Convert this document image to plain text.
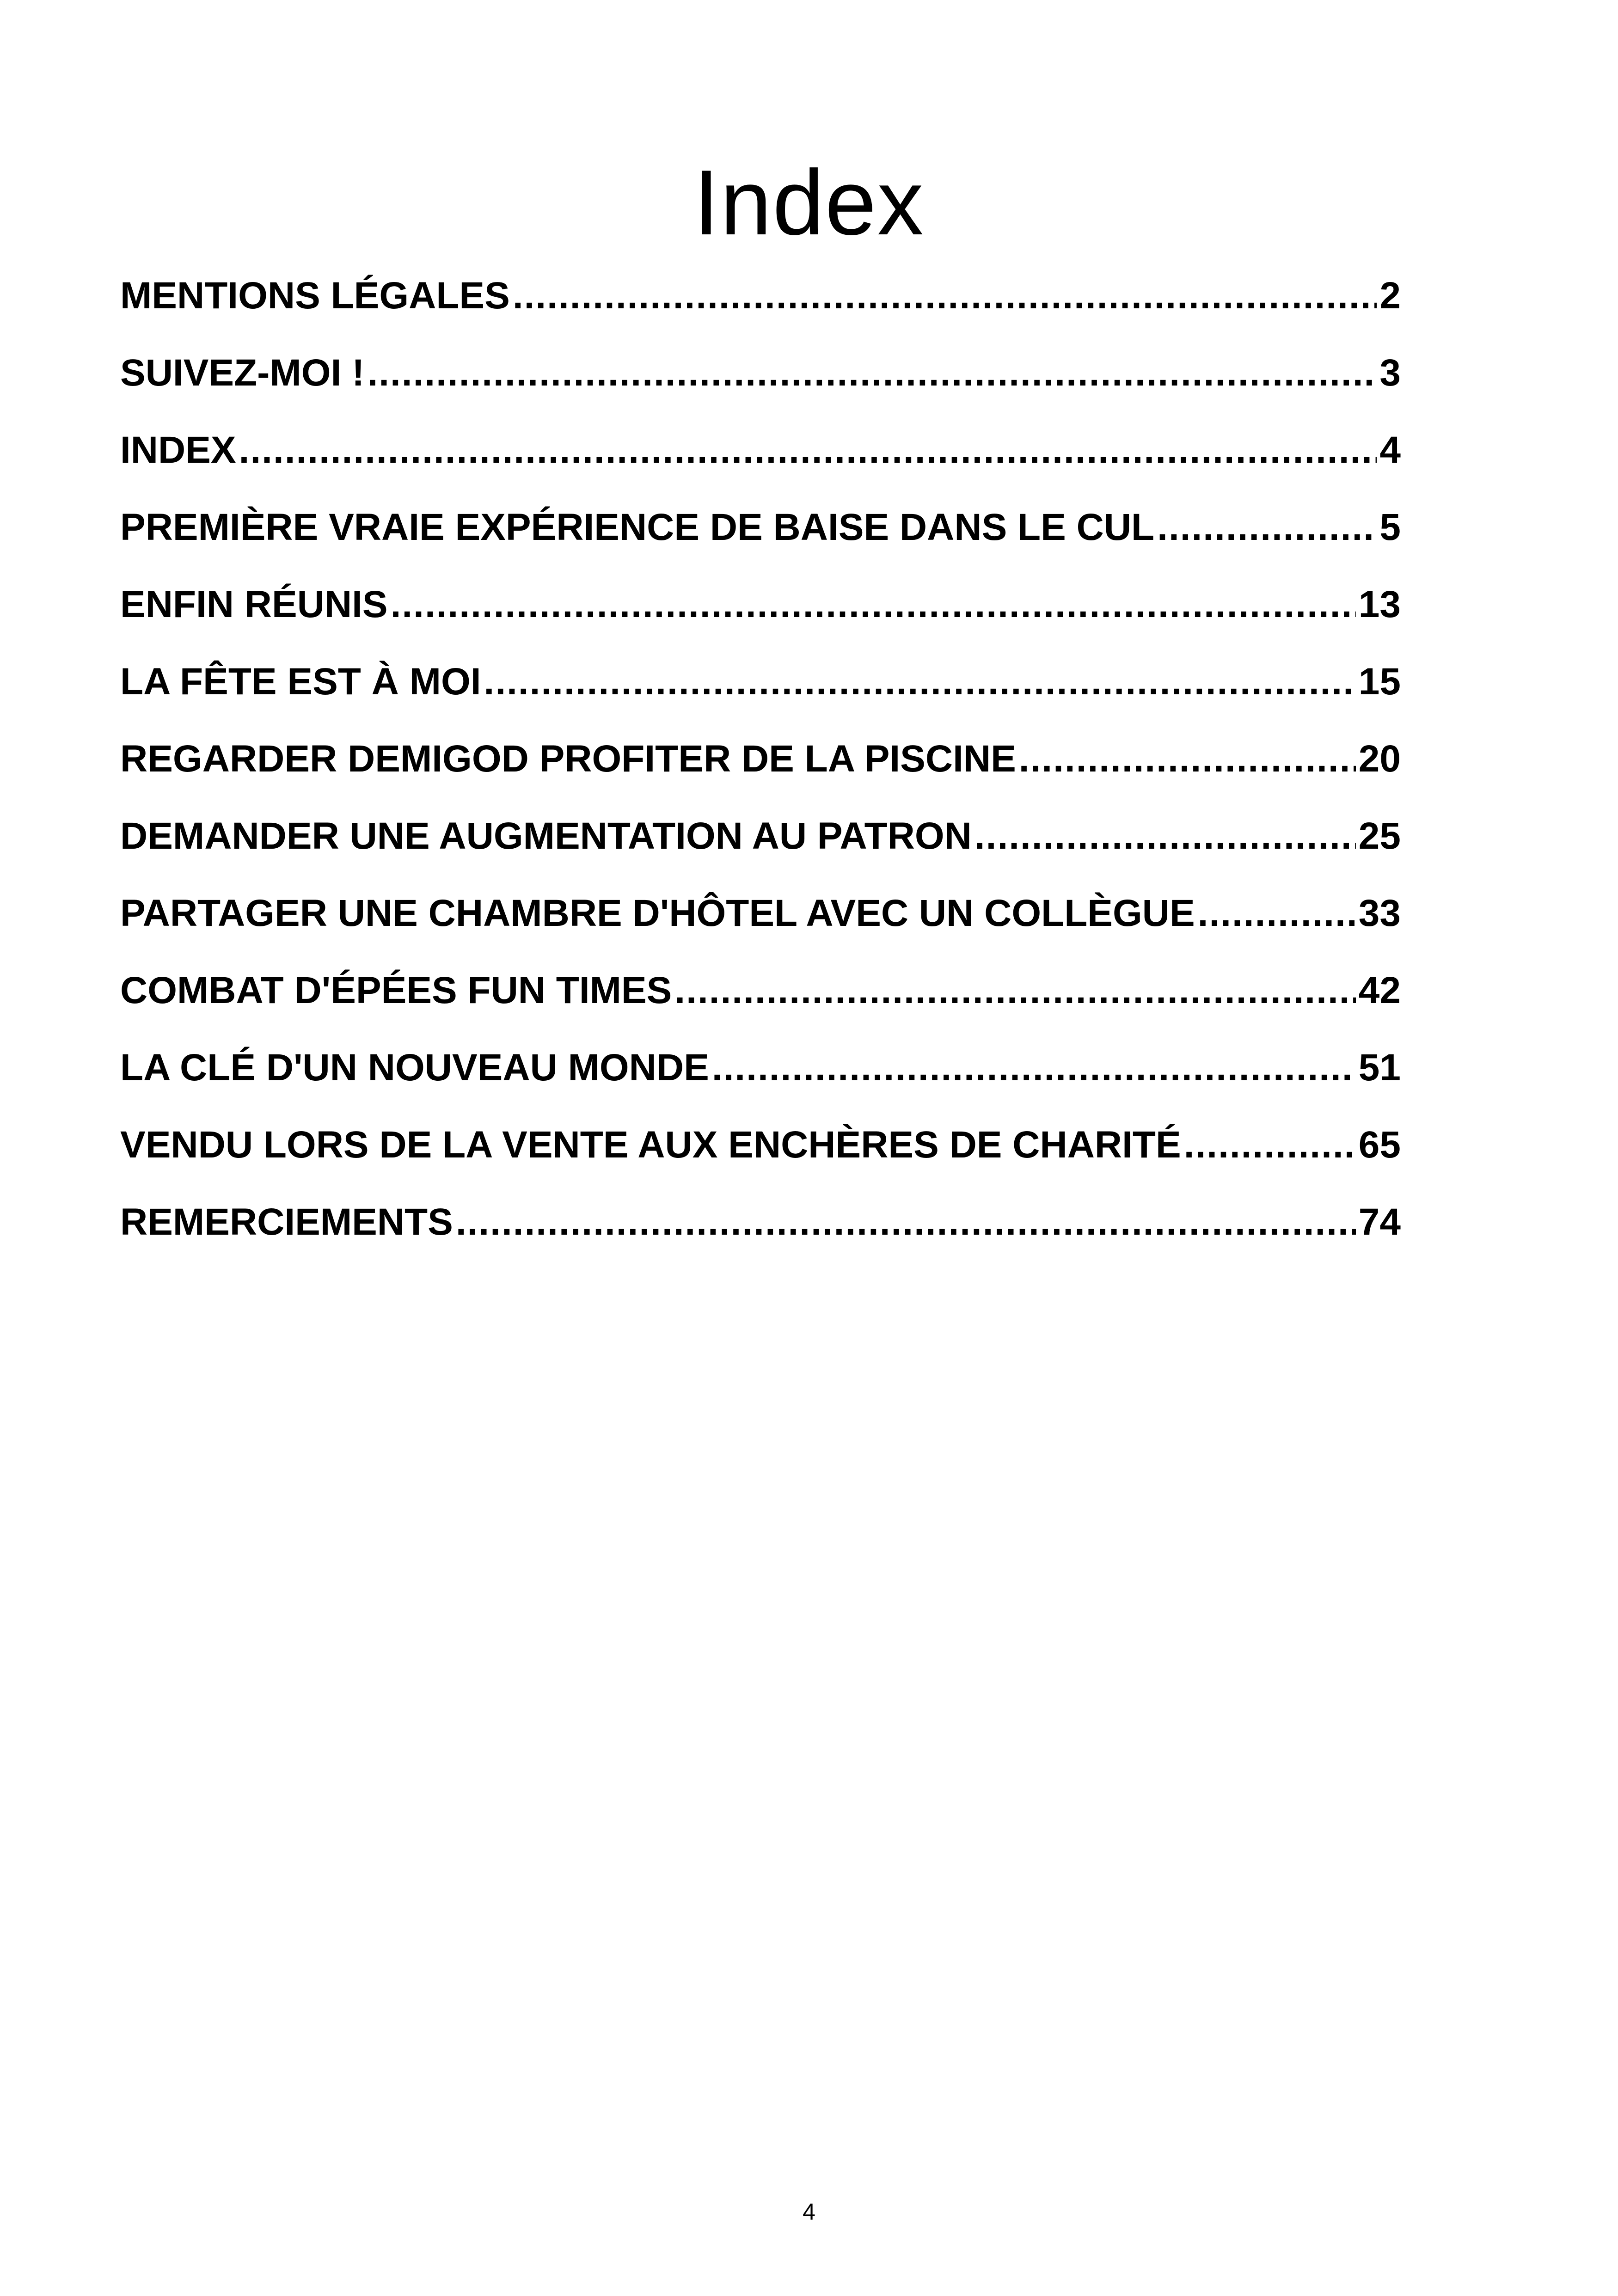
Index
MENTIONS LÉGALES .....	2
SUIVEZ-MOI ! .....	3
INDEX .....	4
PREMIÈRE VRAIE EXPÉRIENCE DE BAISE DANS LE CUL .....	5
ENFIN RÉUNIS .....	13
LA FÊTE EST À MOI .....	15
REGARDER DEMIGOD PROFITER DE LA PISCINE .....	20
DEMANDER UNE AUGMENTATION AU PATRON .....	25
PARTAGER UNE CHAMBRE D'HÔTEL AVEC UN COLLÈGUE .....	33
COMBAT D'ÉPÉES FUN TIMES .....	42
LA CLÉ D'UN NOUVEAU MONDE .....	51
VENDU LORS DE LA VENTE AUX ENCHÈRES DE CHARITÉ .....	65
REMERCIEMENTS .....	74
4
